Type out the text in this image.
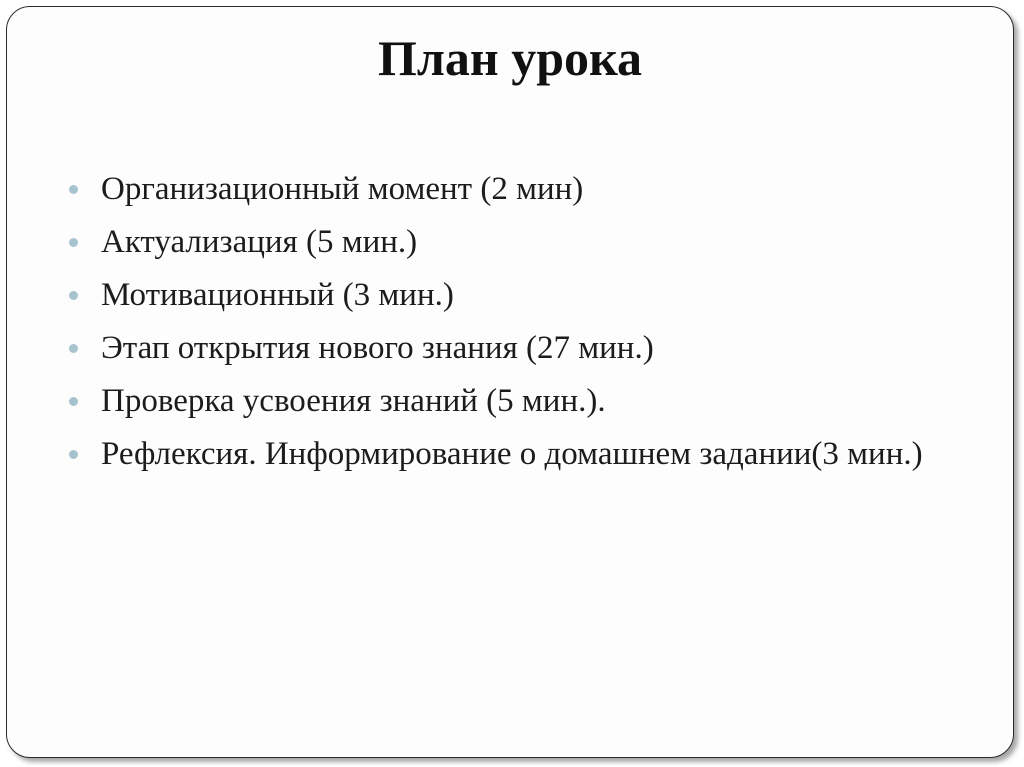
План урока
Организационный момент (2 мин)
Актуализация (5 мин.)
Мотивационный (3 мин.)
Этап открытия нового знания (27 мин.)
Проверка усвоения знаний (5 мин.).
Рефлексия. Информирование о домашнем задании(3 мин.)
